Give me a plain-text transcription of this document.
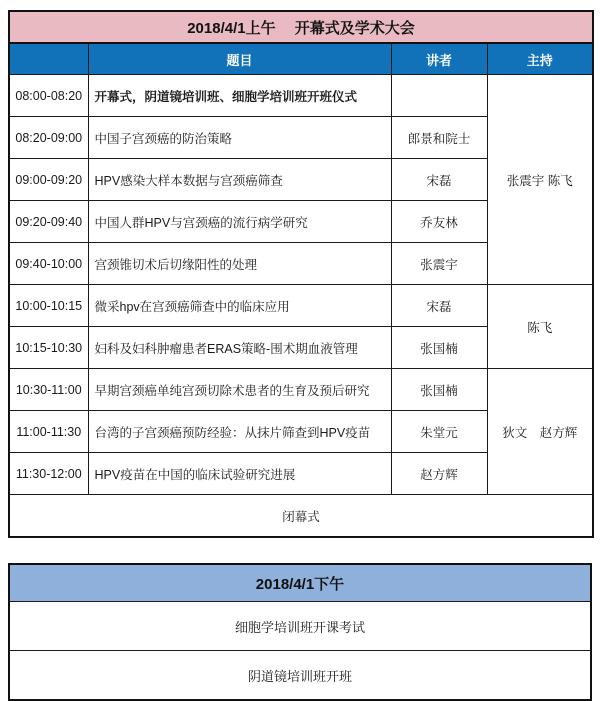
2018/4/1上午　 开幕式及学术大会			
	题目	讲者	主持
08:00-08:20	开幕式，阴道镜培训班、细胞学培训班开班仪式		张震宇 陈飞
08:20-09:00	中国子宫颈癌的防治策略	郎景和院士	
09:00-09:20	HPV感染大样本数据与宫颈癌筛查	宋磊	
09:20-09:40	中国人群HPV与宫颈癌的流行病学研究	乔友林	
09:40-10:00	宫颈锥切术后切缘阳性的处理	张震宇	
10:00-10:15	微采hpv在宫颈癌筛查中的临床应用	宋磊	陈飞
10:15-10:30	妇科及妇科肿瘤患者ERAS策略-围术期血液管理	张国楠	
10:30-11:00	早期宫颈癌单纯宫颈切除术患者的生育及预后研究	张国楠	狄文　赵方辉
11:00-11:30	台湾的子宫颈癌预防经验：从抹片筛查到HPV疫苗	朱堂元	
11:30-12:00	HPV疫苗在中国的临床试验研究进展	赵方辉	
闭幕式			
2018/4/1下午
细胞学培训班开课考试
阴道镜培训班开班
